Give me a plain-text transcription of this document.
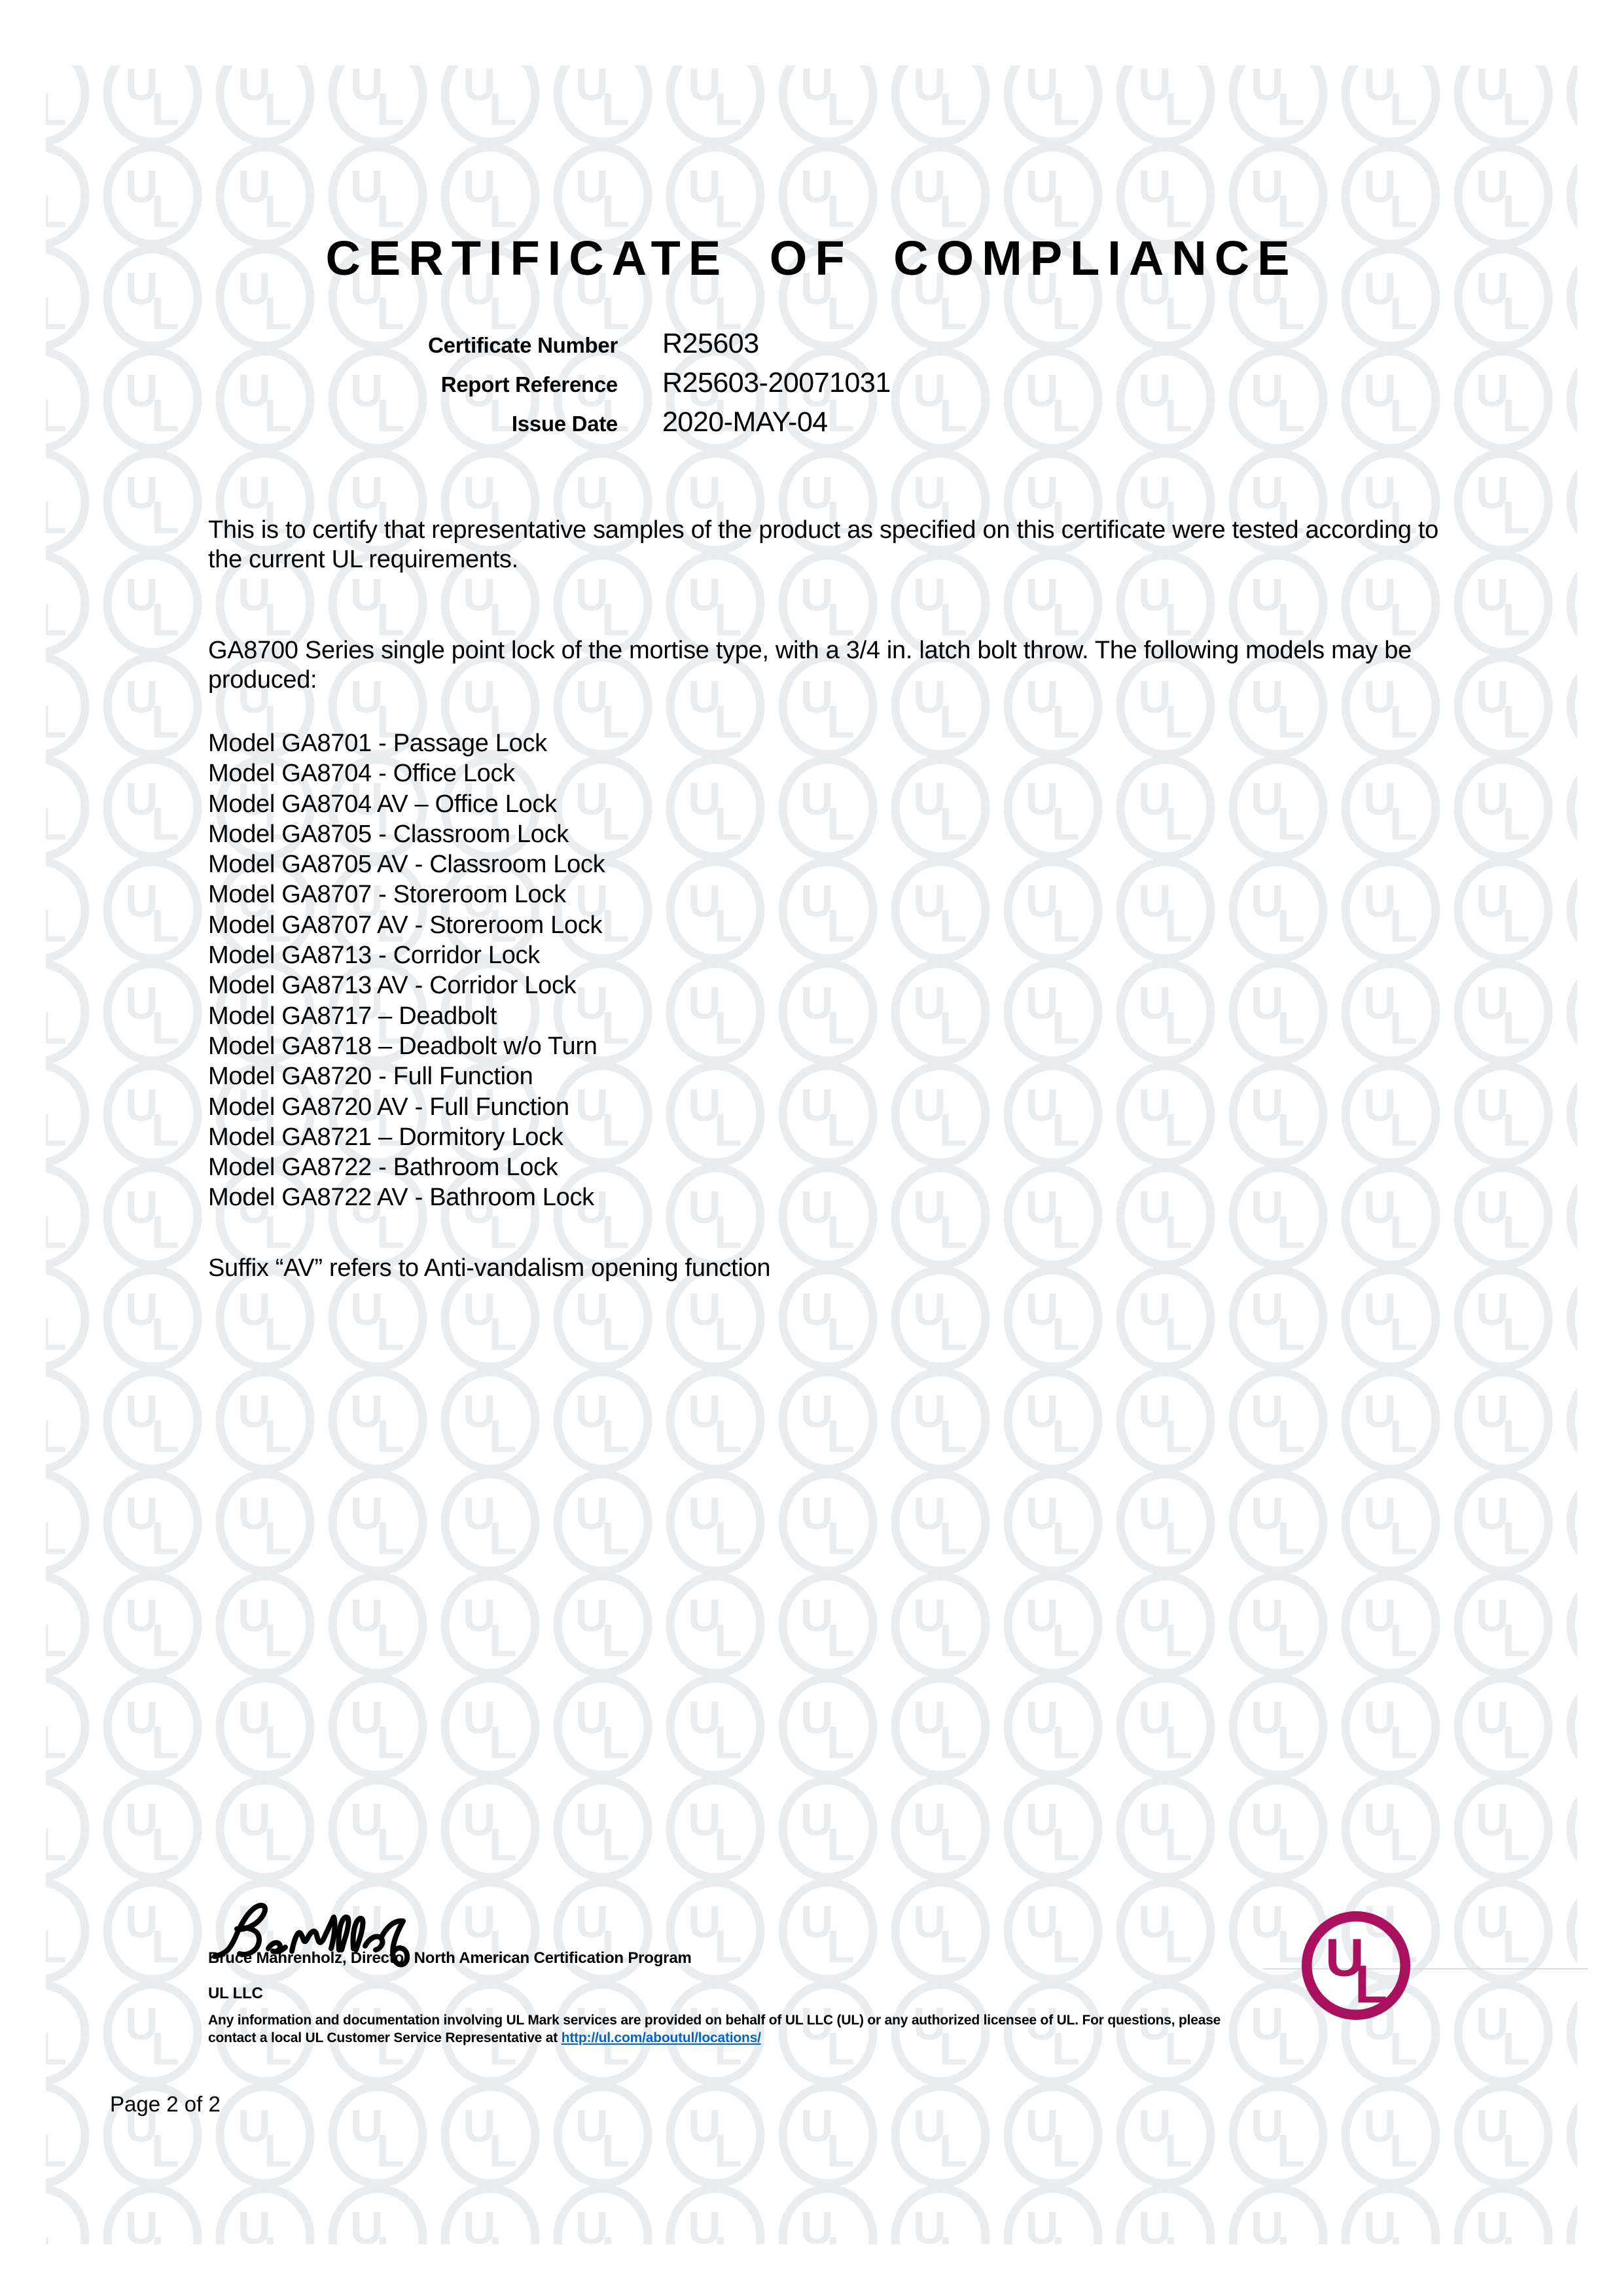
CERTIFICATE OF COMPLIANCE
Certificate Number	R25603
Report Reference	R25603-20071031
Issue Date	2020-MAY-04

This is to certify that representative samples of the product as specified on this certificate were tested according to the current UL requirements.

GA8700 Series single point lock of the mortise type, with a 3/4 in. latch bolt throw. The following models may be produced:

Model GA8701 - Passage Lock
Model GA8704 - Office Lock
Model GA8704 AV – Office Lock
Model GA8705 - Classroom Lock
Model GA8705 AV - Classroom Lock
Model GA8707 - Storeroom Lock
Model GA8707 AV - Storeroom Lock
Model GA8713 - Corridor Lock
Model GA8713 AV - Corridor Lock
Model GA8717 – Deadbolt
Model GA8718 – Deadbolt w/o Turn
Model GA8720 - Full Function
Model GA8720 AV - Full Function
Model GA8721 – Dormitory Lock
Model GA8722 - Bathroom Lock
Model GA8722 AV - Bathroom Lock

Suffix “AV” refers to Anti-vandalism opening function

Bruce Mahrenholz, Director North American Certification Program
UL LLC
Any information and documentation involving UL Mark services are provided on behalf of UL LLC (UL) or any authorized licensee of UL. For questions, please
contact a local UL Customer Service Representative at http://ul.com/aboutul/locations/
U
L
Page 2 of 2
